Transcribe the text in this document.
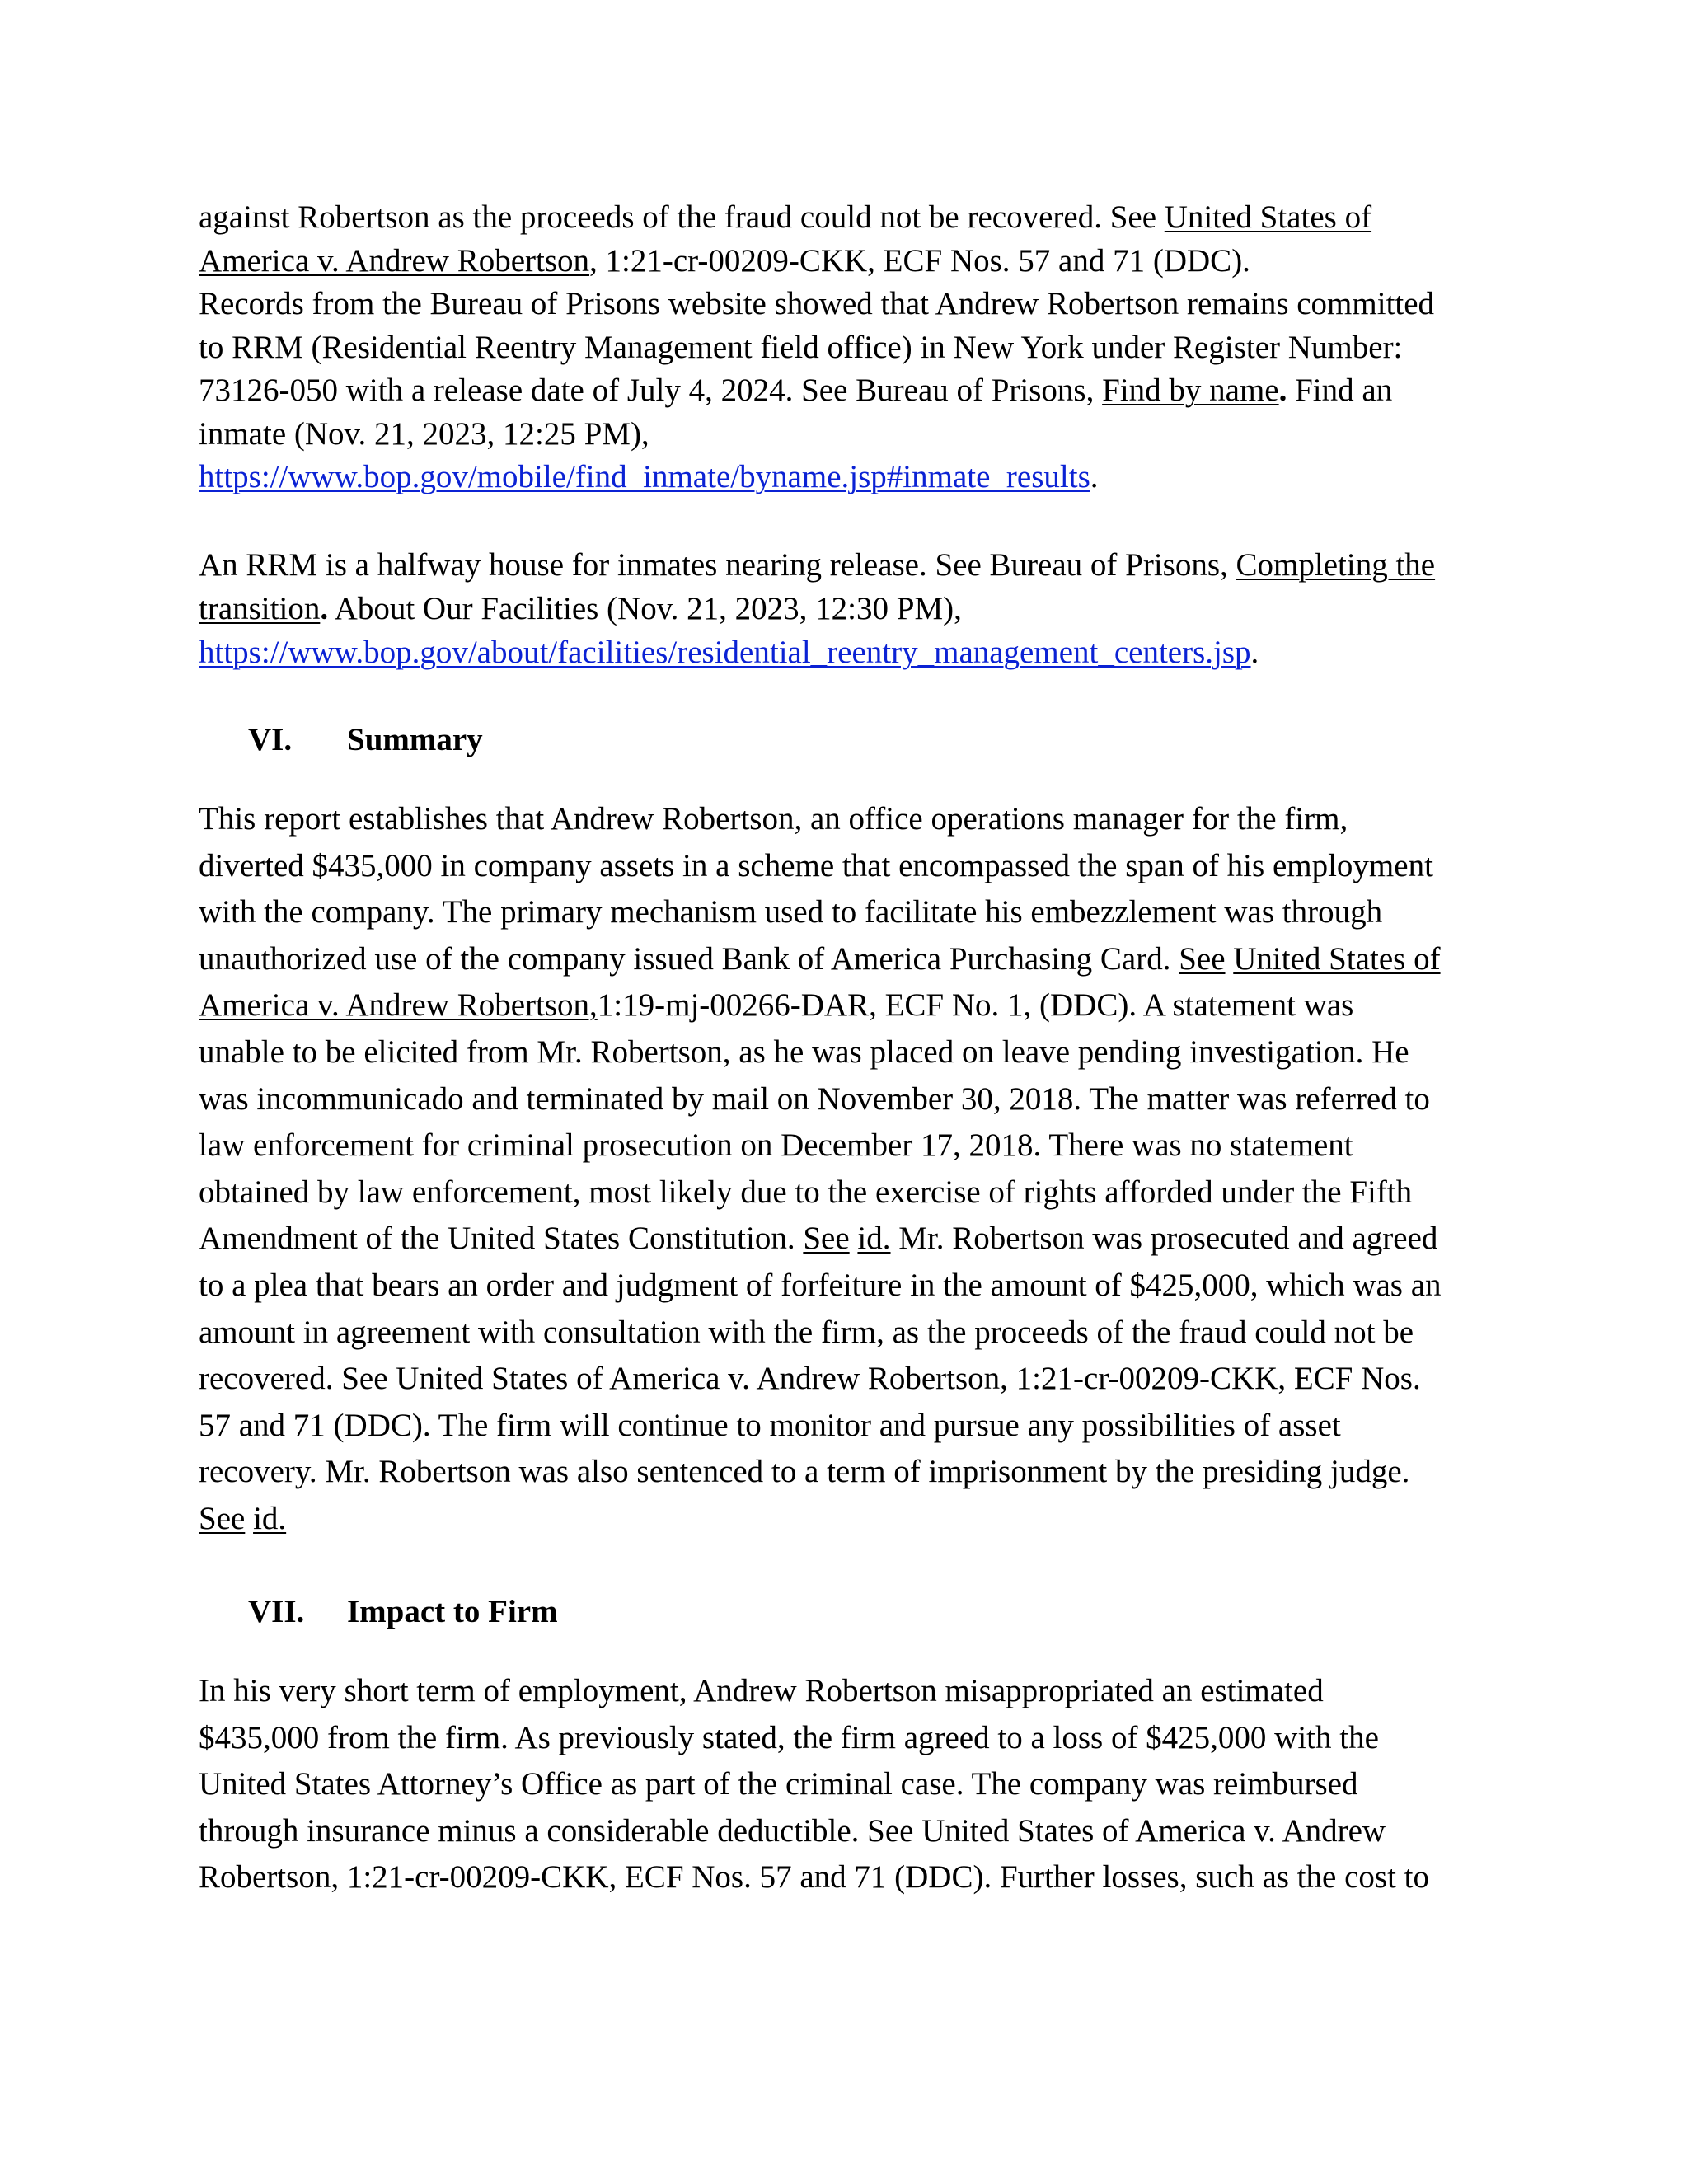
against Robertson as the proceeds of the fraud could not be recovered. See United States of
America v. Andrew Robertson, 1:21-cr-00209-CKK, ECF Nos. 57 and 71 (DDC).
Records from the Bureau of Prisons website showed that Andrew Robertson remains committed
to RRM (Residential Reentry Management field office) in New York under Register Number:
73126-050 with a release date of July 4, 2024. See Bureau of Prisons, Find by name. Find an
inmate (Nov. 21, 2023, 12:25 PM),
https://www.bop.gov/mobile/find_inmate/byname.jsp#inmate_results.
An RRM is a halfway house for inmates nearing release. See Bureau of Prisons, Completing the
transition. About Our Facilities (Nov. 21, 2023, 12:30 PM),
https://www.bop.gov/about/facilities/residential_reentry_management_centers.jsp.
VI. Summary
This report establishes that Andrew Robertson, an office operations manager for the firm,
diverted $435,000 in company assets in a scheme that encompassed the span of his employment
with the company. The primary mechanism used to facilitate his embezzlement was through
unauthorized use of the company issued Bank of America Purchasing Card. See United States of
America v. Andrew Robertson,1:19-mj-00266-DAR, ECF No. 1, (DDC). A statement was
unable to be elicited from Mr. Robertson, as he was placed on leave pending investigation. He
was incommunicado and terminated by mail on November 30, 2018. The matter was referred to
law enforcement for criminal prosecution on December 17, 2018. There was no statement
obtained by law enforcement, most likely due to the exercise of rights afforded under the Fifth
Amendment of the United States Constitution. See id. Mr. Robertson was prosecuted and agreed
to a plea that bears an order and judgment of forfeiture in the amount of $425,000, which was an
amount in agreement with consultation with the firm, as the proceeds of the fraud could not be
recovered. See United States of America v. Andrew Robertson, 1:21-cr-00209-CKK, ECF Nos.
57 and 71 (DDC). The firm will continue to monitor and pursue any possibilities of asset
recovery. Mr. Robertson was also sentenced to a term of imprisonment by the presiding judge.
See id.
VII. Impact to Firm
In his very short term of employment, Andrew Robertson misappropriated an estimated
$435,000 from the firm. As previously stated, the firm agreed to a loss of $425,000 with the
United States Attorney’s Office as part of the criminal case. The company was reimbursed
through insurance minus a considerable deductible. See United States of America v. Andrew
Robertson, 1:21-cr-00209-CKK, ECF Nos. 57 and 71 (DDC). Further losses, such as the cost to
